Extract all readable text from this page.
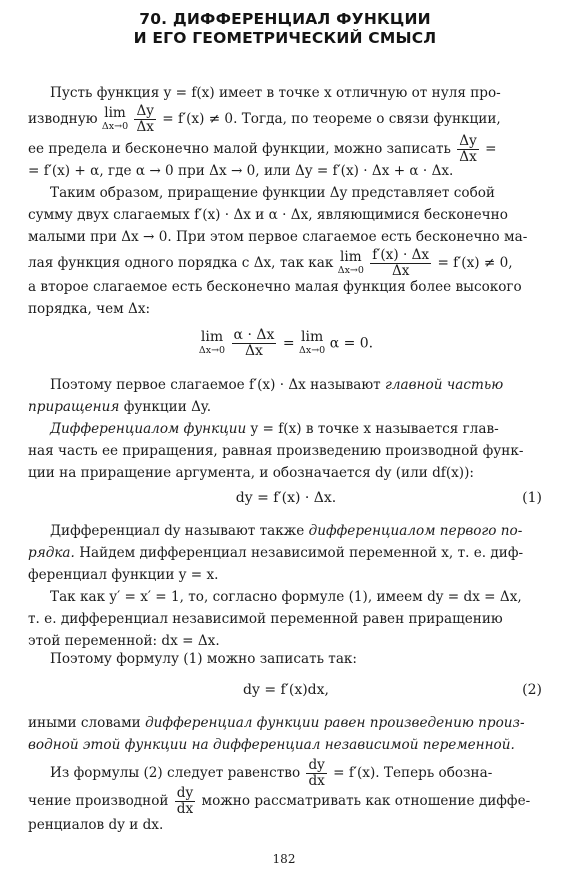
70. ДИФФЕРЕНЦИАЛ ФУНКЦИИ
И ЕГО ГЕОМЕТРИЧЕСКИЙ СМЫСЛ
Пусть функция y = f(x) имеет в точке x отличную от нуля про-
изводную lim
Δx→0
$\frac{\Delta y}{\Delta x} = f'(x) \ne 0$. Тогда, по теореме о связи функции,
ее предела и бесконечно малой функции, можно записать $\frac{\Delta y}{\Delta x}$ =
= f′(x) + α, где α → 0 при Δx → 0, или Δy = f′(x) · Δx + α · Δx.
Таким образом, приращение функции Δy представляет собой
сумму двух слагаемых f′(x) · Δx и α · Δx, являющимися бесконечно
малыми при Δx → 0. При этом первое слагаемое есть бесконечно ма-
лая функция одного порядка с Δx, так как lim
Δx→0
$\frac{f'(x) \cdot \Delta x}{\Delta x} = f'(x) \ne 0$,
а второе слагаемое есть бесконечно малая функция более высокого
порядка, чем Δx:
lim
Δx→0
$\frac{\alpha \cdot \Delta x}{\Delta x} = \lim$
Δx→0 α = 0.
Поэтому первое слагаемое f′(x) · Δx называют главной частью
приращения функции Δy.
Дифференциалом функции y = f(x) в точке x называется глав-
ная часть ее приращения, равная произведению производной функ-
ции на приращение аргумента, и обозначается dy (или df(x)):
dy = f′(x) · Δx.	(1)
Дифференциал dy называют также дифференциалом первого по-
рядка. Найдем дифференциал независимой переменной x, т. е. диф-
ференциал функции y = x.
Так как y′ = x′ = 1, то, согласно формуле (1), имеем dy = dx = Δx,
т. е. дифференциал независимой переменной равен приращению
этой переменной: dx = Δx.
Поэтому формулу (1) можно записать так:
dy = f′(x)dx,	(2)
иными словами дифференциал функции равен произведению произ-
водной этой функции на дифференциал независимой переменной.
Из формулы (2) следует равенство $\frac{dy}{dx} = f'(x)$. Теперь обозна-
чение производной $\frac{dy}{dx}$ можно рассматривать как отношение диффе-
ренциалов dy и dx.
182
